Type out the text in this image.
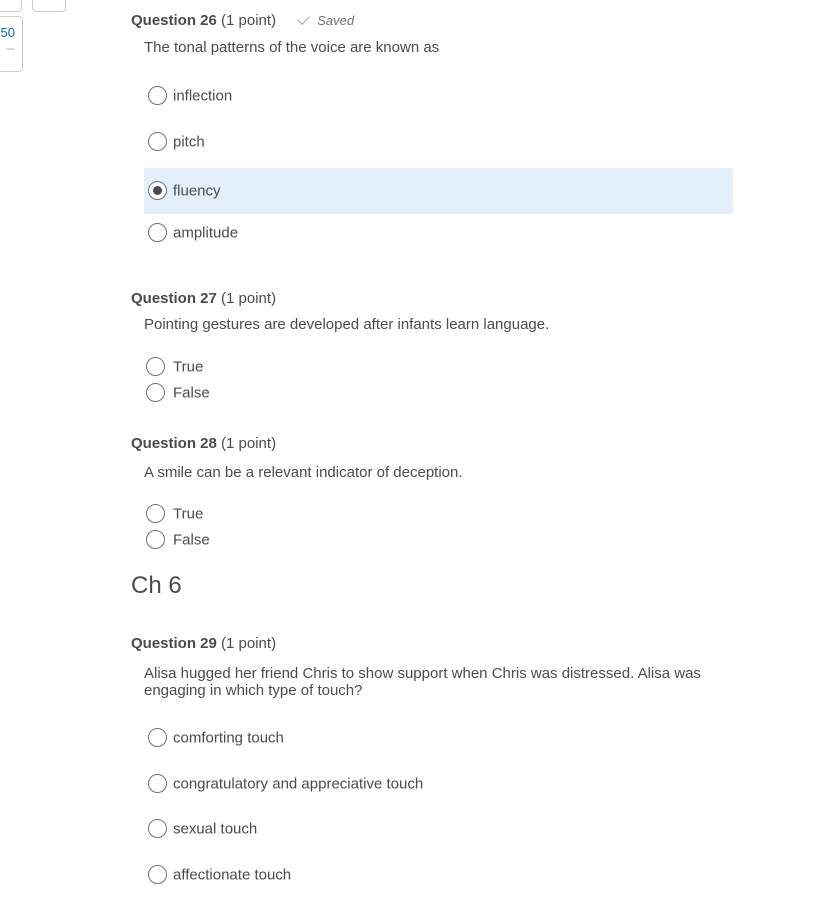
50
---
Question 26 (1 point)	Saved
The tonal patterns of the voice are known as
inflection
pitch
fluency
amplitude
Question 27 (1 point)
Pointing gestures are developed after infants learn language.
True
False
Question 28 (1 point)
A smile can be a relevant indicator of deception.
True
False
Ch 6
Question 29 (1 point)
Alisa hugged her friend Chris to show support when Chris was distressed. Alisa was engaging in which type of touch?
comforting touch
congratulatory and appreciative touch
sexual touch
affectionate touch
